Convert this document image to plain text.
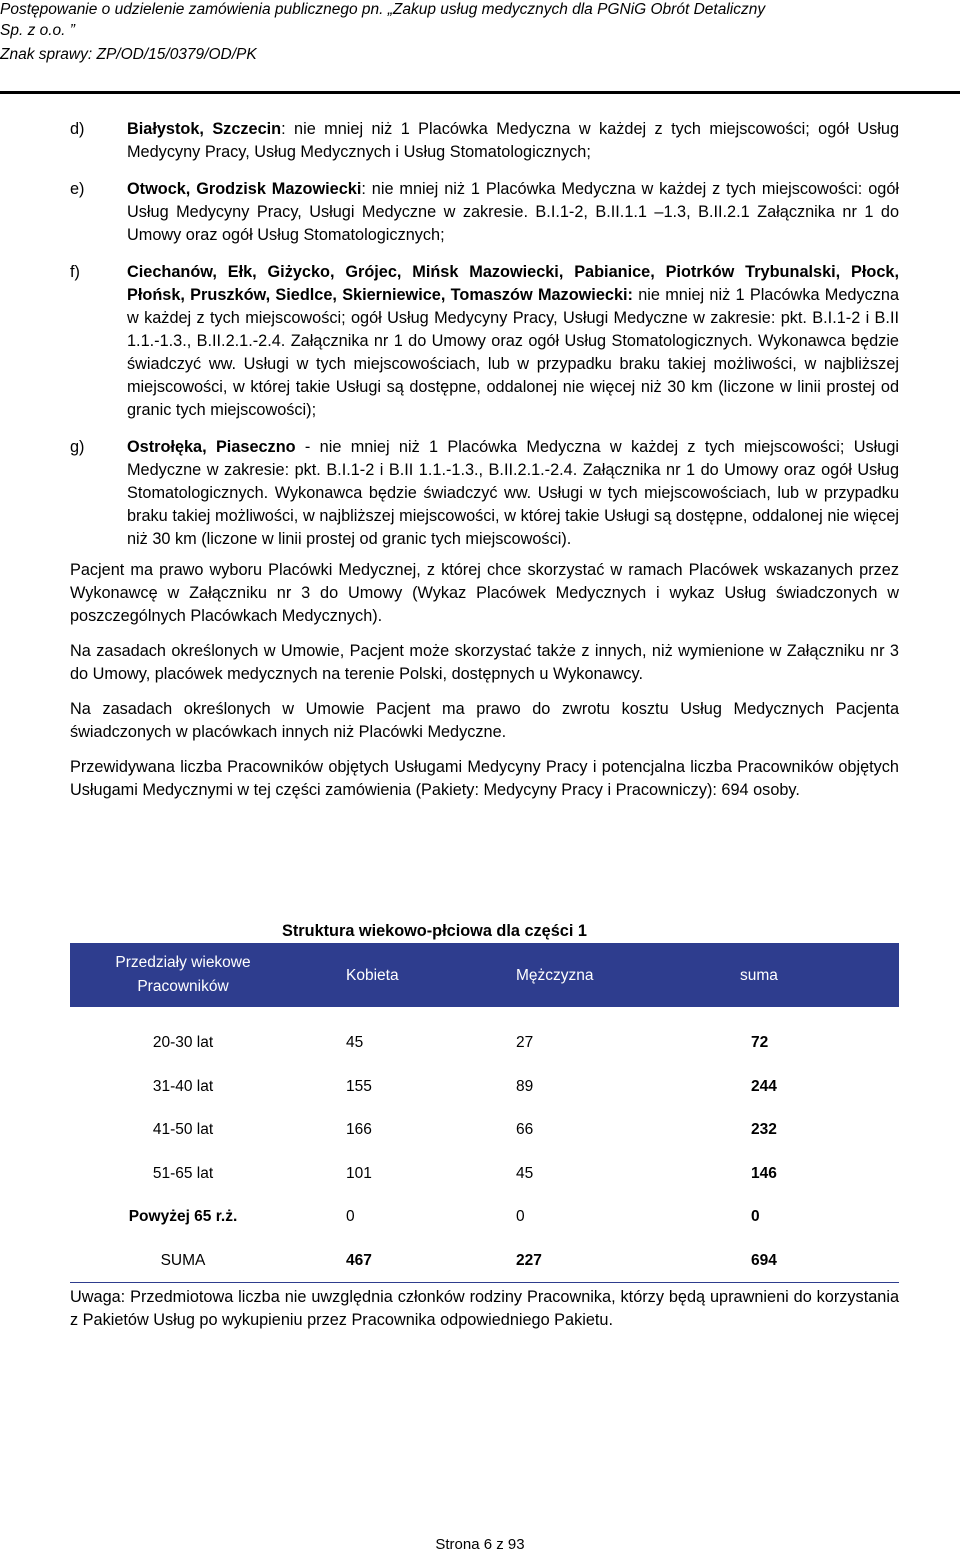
Postępowanie o udzielenie zamówienia publicznego pn. „Zakup usług medycznych dla PGNiG Obrót Detaliczny
Sp. z o.o. ”
Znak sprawy: ZP/OD/15/0379/OD/PK
d)	Białystok, Szczecin: nie mniej niż 1 Placówka Medyczna w każdej z tych miejscowości; ogół Usług Medycyny Pracy, Usług Medycznych i Usług Stomatologicznych;
e)	Otwock, Grodzisk Mazowiecki: nie mniej niż 1 Placówka Medyczna w każdej z tych miejscowości: ogół Usług Medycyny Pracy, Usługi Medyczne w zakresie. B.I.1-2, B.II.1.1 –1.3, B.II.2.1 Załącznika nr 1 do Umowy oraz ogół Usług Stomatologicznych;
f)	Ciechanów, Ełk, Giżycko, Grójec, Mińsk Mazowiecki, Pabianice, Piotrków Trybunalski, Płock, Płońsk, Pruszków, Siedlce, Skierniewice, Tomaszów Mazowiecki: nie mniej niż 1 Placówka Medyczna w każdej z tych miejscowości; ogół Usług Medycyny Pracy, Usługi Medyczne w zakresie: pkt. B.I.1-2 i B.II 1.1.-1.3., B.II.2.1.-2.4. Załącznika nr 1 do Umowy oraz ogół Usług Stomatologicznych. Wykonawca będzie świadczyć ww. Usługi w tych miejscowościach, lub w przypadku braku takiej możliwości, w najbliższej miejscowości, w której takie Usługi są dostępne, oddalonej nie więcej niż 30 km (liczone w linii prostej od granic tych miejscowości);
g)	Ostrołęka, Piaseczno - nie mniej niż 1 Placówka Medyczna w każdej z tych miejscowości; Usługi Medyczne w zakresie: pkt. B.I.1-2 i B.II 1.1.-1.3., B.II.2.1.-2.4. Załącznika nr 1 do Umowy oraz ogół Usług Stomatologicznych. Wykonawca będzie świadczyć ww. Usługi w tych miejscowościach, lub w przypadku braku takiej możliwości, w najbliższej miejscowości, w której takie Usługi są dostępne, oddalonej nie więcej niż 30 km (liczone w linii prostej od granic tych miejscowości).

Pacjent ma prawo wyboru Placówki Medycznej, z której chce skorzystać w ramach Placówek wskazanych przez Wykonawcę w Załączniku nr 3 do Umowy (Wykaz Placówek Medycznych i wykaz Usług świadczonych w poszczególnych Placówkach Medycznych).

Na zasadach określonych w Umowie, Pacjent może skorzystać także z innych, niż wymienione w Załączniku nr 3 do Umowy, placówek medycznych na terenie Polski, dostępnych u Wykonawcy.

Na zasadach określonych w Umowie Pacjent ma prawo do zwrotu kosztu Usług Medycznych Pacjenta świadczonych w placówkach innych niż Placówki Medyczne.

Przewidywana liczba Pracowników objętych Usługami Medycyny Pracy i potencjalna liczba Pracowników objętych Usługami Medycznymi w tej części zamówienia (Pakiety: Medycyny Pracy i Pracowniczy): 694 osoby.

Struktura wiekowo-płciowa dla części 1
Przedziały wiekowe Pracowników	Kobieta	Mężczyzna	suma

20-30 lat	45	27	72
31-40 lat	155	89	244
41-50 lat	166	66	232
51-65 lat	101	45	146
Powyżej 65 r.ż.	0	0	0
SUMA	467	227	694

Uwaga: Przedmiotowa liczba nie uwzględnia członków rodziny Pracownika, którzy będą uprawnieni do korzystania z Pakietów Usług po wykupieniu przez Pracownika odpowiedniego Pakietu.

Strona 6 z 93
